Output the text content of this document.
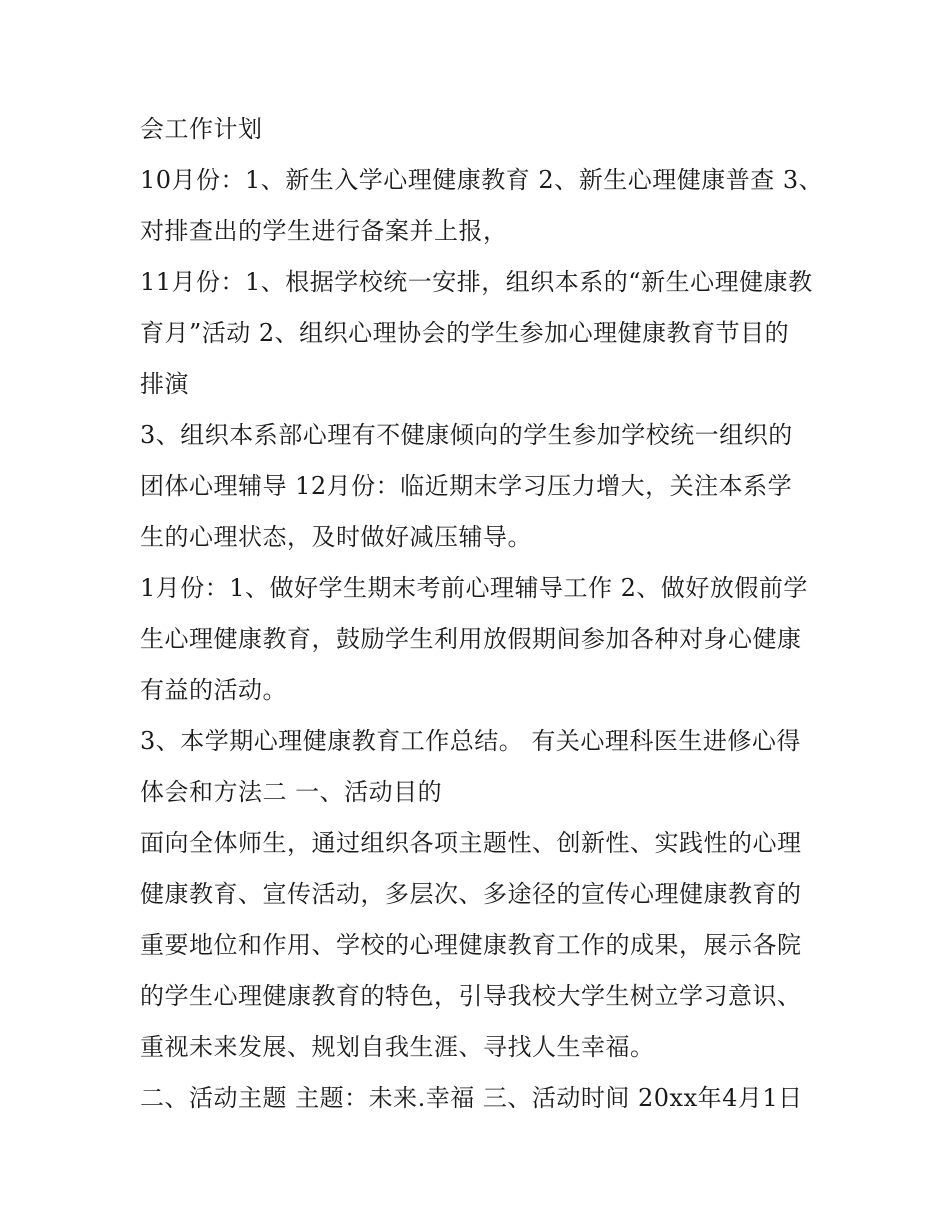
会工作计划
10月份：1、新生入学心理健康教育 2、新生心理健康普查 3、
对排查出的学生进行备案并上报，
11月份：1、根据学校统一安排，组织本系的“新生心理健康教
育月”活动 2、组织心理协会的学生参加心理健康教育节目的
排演
3、组织本系部心理有不健康倾向的学生参加学校统一组织的
团体心理辅导 12月份：临近期末学习压力增大，关注本系学
生的心理状态，及时做好减压辅导。
1月份：1、做好学生期末考前心理辅导工作 2、做好放假前学
生心理健康教育，鼓励学生利用放假期间参加各种对身心健康
有益的活动。
3、本学期心理健康教育工作总结。 有关心理科医生进修心得
体会和方法二 一、活动目的
面向全体师生，通过组织各项主题性、创新性、实践性的心理
健康教育、宣传活动，多层次、多途径的宣传心理健康教育的
重要地位和作用、学校的心理健康教育工作的成果，展示各院
的学生心理健康教育的特色，引导我校大学生树立学习意识、
重视未来发展、规划自我生涯、寻找人生幸福。
二、活动主题 主题：未来.幸福 三、活动时间 20xx年4月1日
